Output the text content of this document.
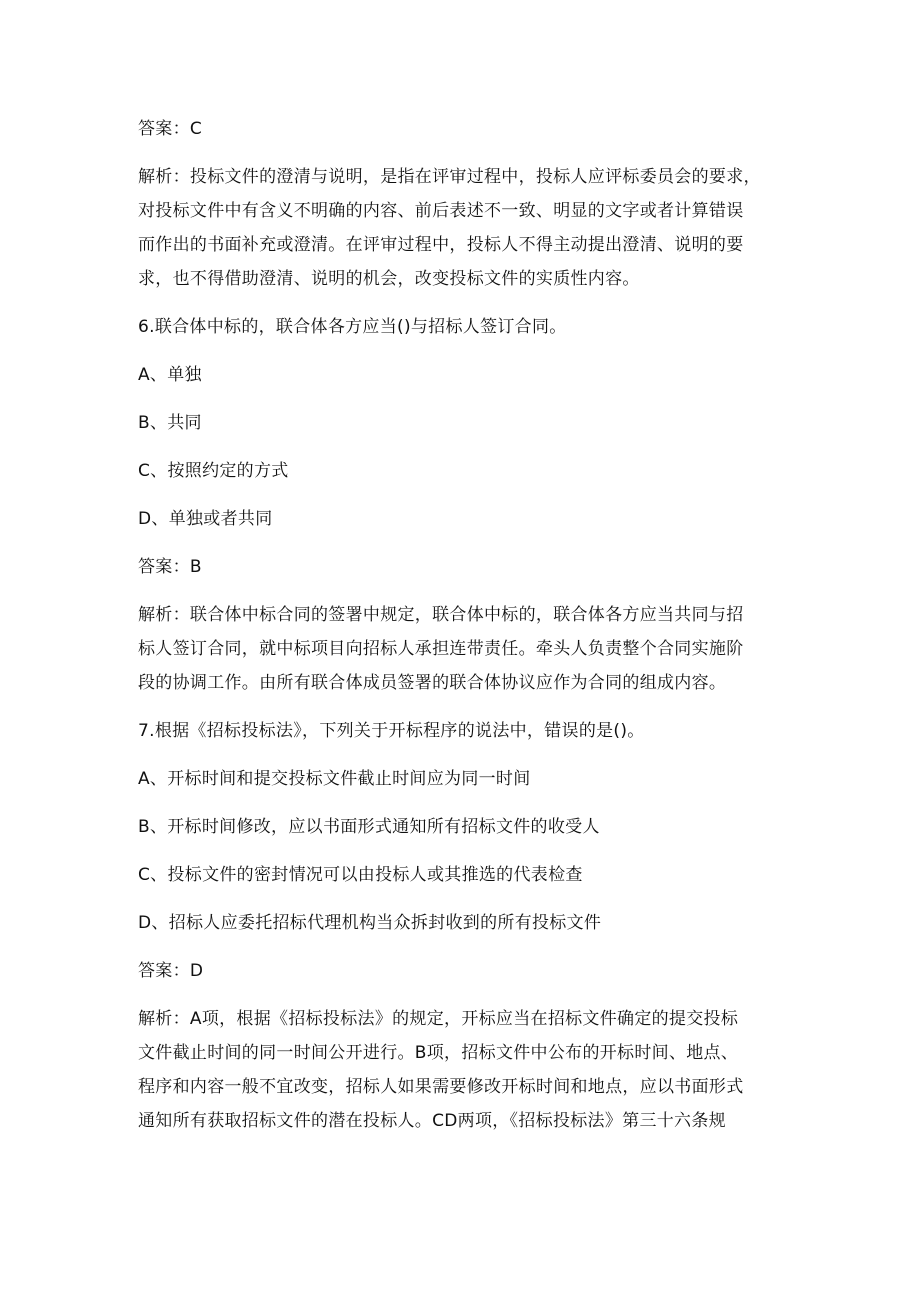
答案：C

解析：投标文件的澄清与说明，是指在评审过程中，投标人应评标委员会的要求，
对投标文件中有含义不明确的内容、前后表述不一致、明显的文字或者计算错误
而作出的书面补充或澄清。在评审过程中，投标人不得主动提出澄清、说明的要
求，也不得借助澄清、说明的机会，改变投标文件的实质性内容。

6.联合体中标的，联合体各方应当()与招标人签订合同。

A、单独

B、共同

C、按照约定的方式

D、单独或者共同

答案：B

解析：联合体中标合同的签署中规定，联合体中标的，联合体各方应当共同与招
标人签订合同，就中标项目向招标人承担连带责任。牵头人负责整个合同实施阶
段的协调工作。由所有联合体成员签署的联合体协议应作为合同的组成内容。

7.根据《招标投标法》，下列关于开标程序的说法中，错误的是()。

A、开标时间和提交投标文件截止时间应为同一时间

B、开标时间修改，应以书面形式通知所有招标文件的收受人

C、投标文件的密封情况可以由投标人或其推选的代表检查

D、招标人应委托招标代理机构当众拆封收到的所有投标文件

答案：D

解析：A项，根据《招标投标法》的规定，开标应当在招标文件确定的提交投标
文件截止时间的同一时间公开进行。B项，招标文件中公布的开标时间、地点、
程序和内容一般不宜改变，招标人如果需要修改开标时间和地点，应以书面形式
通知所有获取招标文件的潜在投标人。CD两项，《招标投标法》第三十六条规
